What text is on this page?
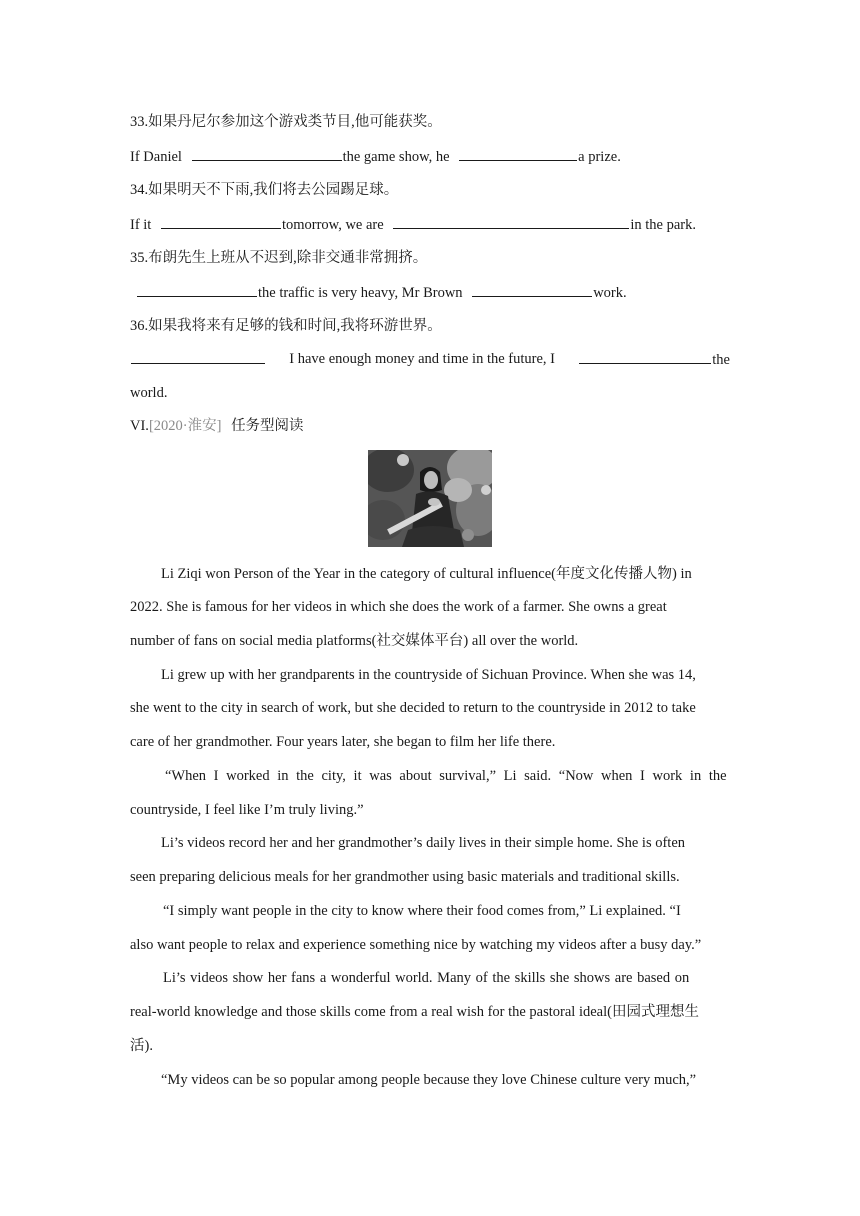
33.如果丹尼尔参加这个游戏类节目,他可能获奖。
If Daniel	the game show, he	a prize.
34.如果明天不下雨,我们将去公园踢足球。
If it	tomorrow, we are	in the park.
35.布朗先生上班从不迟到,除非交通非常拥挤。
the traffic is very heavy, Mr Brown	work.
36.如果我将来有足够的钱和时间,我将环游世界。
I have enough money and time in the future, I	the
world.
VI.[2020·淮安] 任务型阅读
Li Ziqi won Person of the Year in the category of cultural influence(年度文化传播人物) in
2022. She is famous for her videos in which she does the work of a farmer. She owns a great
number of fans on social media platforms(社交媒体平台) all over the world.
Li grew up with her grandparents in the countryside of Sichuan Province. When she was 14,
she went to the city in search of work, but she decided to return to the countryside in 2012 to take
care of her grandmother. Four years later, she began to film her life there.
“When I worked in the city, it was about survival,” Li said. “Now when I work in the
countryside, I feel like I’m truly living.”
Li’s videos record her and her grandmother’s daily lives in their simple home. She is often
seen preparing delicious meals for her grandmother using basic materials and traditional skills.
“I simply want people in the city to know where their food comes from,” Li explained. “I
also want people to relax and experience something nice by watching my videos after a busy day.”
Li’s videos show her fans a wonderful world. Many of the skills she shows are based on
real-world knowledge and those skills come from a real wish for the pastoral ideal(田园式理想生
活).
“My videos can be so popular among people because they love Chinese culture very much,”
